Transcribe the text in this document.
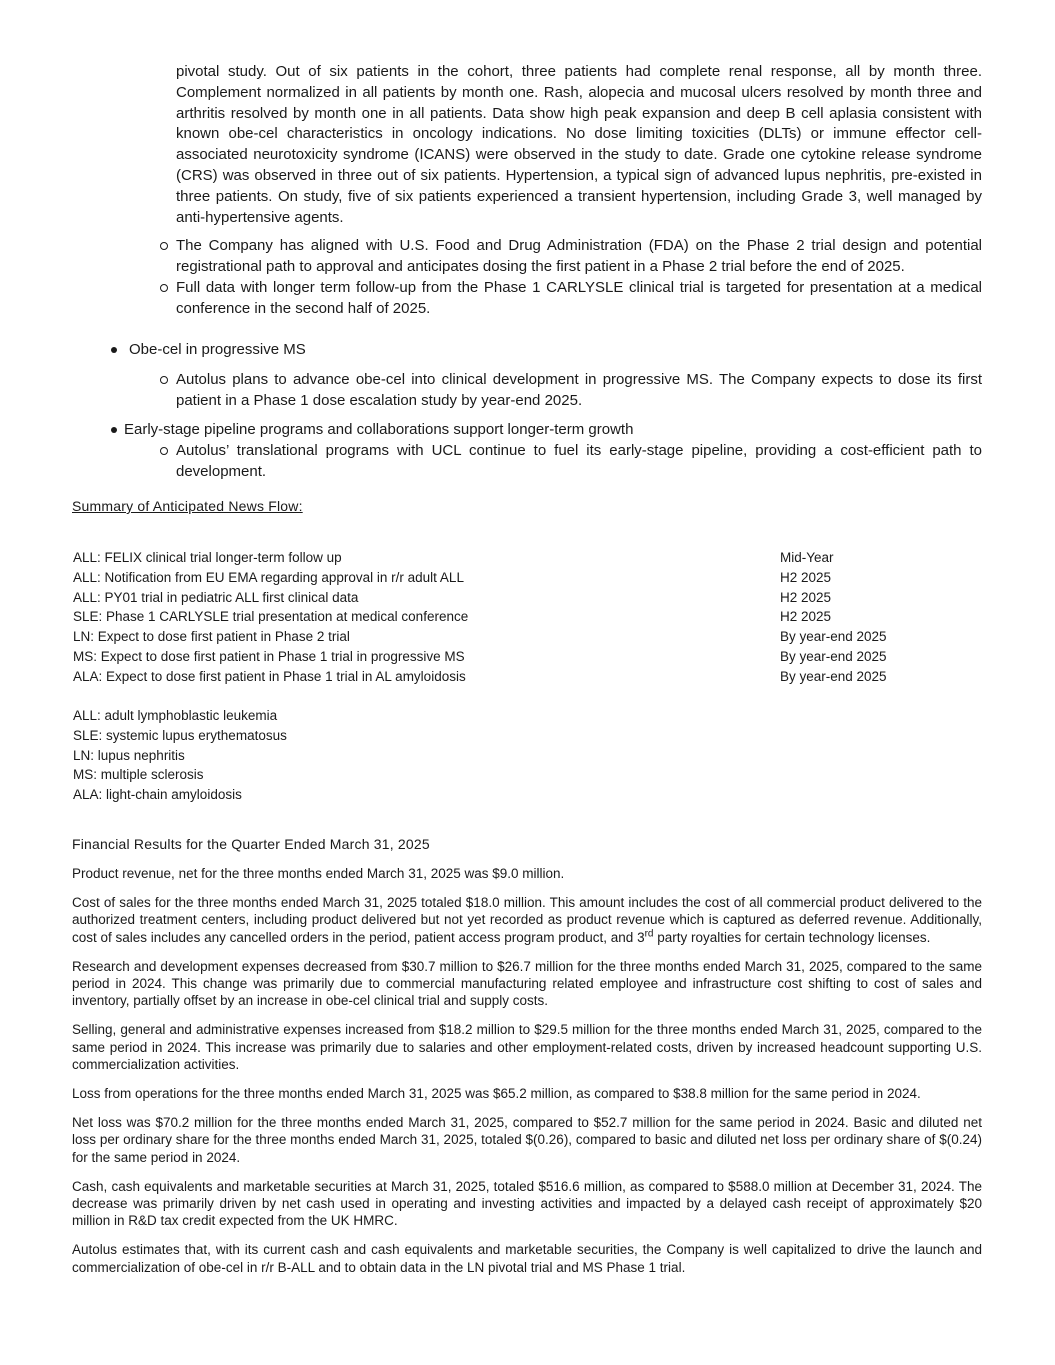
pivotal study. Out of six patients in the cohort, three patients had complete renal response, all by month three. Complement normalized in all patients by month one. Rash, alopecia and mucosal ulcers resolved by month three and arthritis resolved by month one in all patients. Data show high peak expansion and deep B cell aplasia consistent with known obe-cel characteristics in oncology indications. No dose limiting toxicities (DLTs) or immune effector cell-associated neurotoxicity syndrome (ICANS) were observed in the study to date. Grade one cytokine release syndrome (CRS) was observed in three out of six patients. Hypertension, a typical sign of advanced lupus nephritis, pre-existed in three patients. On study, five of six patients experienced a transient hypertension, including Grade 3, well managed by anti-hypertensive agents.

The Company has aligned with U.S. Food and Drug Administration (FDA) on the Phase 2 trial design and potential registrational path to approval and anticipates dosing the first patient in a Phase 2 trial before the end of 2025.
Full data with longer term follow-up from the Phase 1 CARLYSLE clinical trial is targeted for presentation at a medical conference in the second half of 2025.
Obe-cel in progressive MS
Autolus plans to advance obe-cel into clinical development in progressive MS. The Company expects to dose its first patient in a Phase 1 dose escalation study by year-end 2025.
Early-stage pipeline programs and collaborations support longer-term growth
Autolus’ translational programs with UCL continue to fuel its early-stage pipeline, providing a cost-efficient path to development.
Summary of Anticipated News Flow:
ALL: FELIX clinical trial longer-term follow up	Mid-Year
ALL: Notification from EU EMA regarding approval in r/r adult ALL	H2 2025
ALL: PY01 trial in pediatric ALL first clinical data	H2 2025
SLE: Phase 1 CARLYSLE trial presentation at medical conference	H2 2025
LN: Expect to dose first patient in Phase 2 trial	By year-end 2025
MS: Expect to dose first patient in Phase 1 trial in progressive MS	By year-end 2025
ALA: Expect to dose first patient in Phase 1 trial in AL amyloidosis	By year-end 2025
ALL: adult lymphoblastic leukemia
SLE: systemic lupus erythematosus
LN: lupus nephritis
MS: multiple sclerosis
ALA: light-chain amyloidosis
Financial Results for the Quarter Ended March 31, 2025

Product revenue, net for the three months ended March 31, 2025 was $9.0 million.

Cost of sales for the three months ended March 31, 2025 totaled $18.0 million. This amount includes the cost of all commercial product delivered to the authorized treatment centers, including product delivered but not yet recorded as product revenue which is captured as deferred revenue. Additionally, cost of sales includes any cancelled orders in the period, patient access program product, and 3rd party royalties for certain technology licenses.

Research and development expenses decreased from $30.7 million to $26.7 million for the three months ended March 31, 2025, compared to the same period in 2024. This change was primarily due to commercial manufacturing related employee and infrastructure cost shifting to cost of sales and inventory, partially offset by an increase in obe-cel clinical trial and supply costs.

Selling, general and administrative expenses increased from $18.2 million to $29.5 million for the three months ended March 31, 2025, compared to the same period in 2024. This increase was primarily due to salaries and other employment-related costs, driven by increased headcount supporting U.S. commercialization activities.

Loss from operations for the three months ended March 31, 2025 was $65.2 million, as compared to $38.8 million for the same period in 2024.

Net loss was $70.2 million for the three months ended March 31, 2025, compared to $52.7 million for the same period in 2024. Basic and diluted net loss per ordinary share for the three months ended March 31, 2025, totaled $(0.26), compared to basic and diluted net loss per ordinary share of $(0.24) for the same period in 2024.

Cash, cash equivalents and marketable securities at March 31, 2025, totaled $516.6 million, as compared to $588.0 million at December 31, 2024. The decrease was primarily driven by net cash used in operating and investing activities and impacted by a delayed cash receipt of approximately $20 million in R&D tax credit expected from the UK HMRC.

Autolus estimates that, with its current cash and cash equivalents and marketable securities, the Company is well capitalized to drive the launch and commercialization of obe-cel in r/r B-ALL and to obtain data in the LN pivotal trial and MS Phase 1 trial.
